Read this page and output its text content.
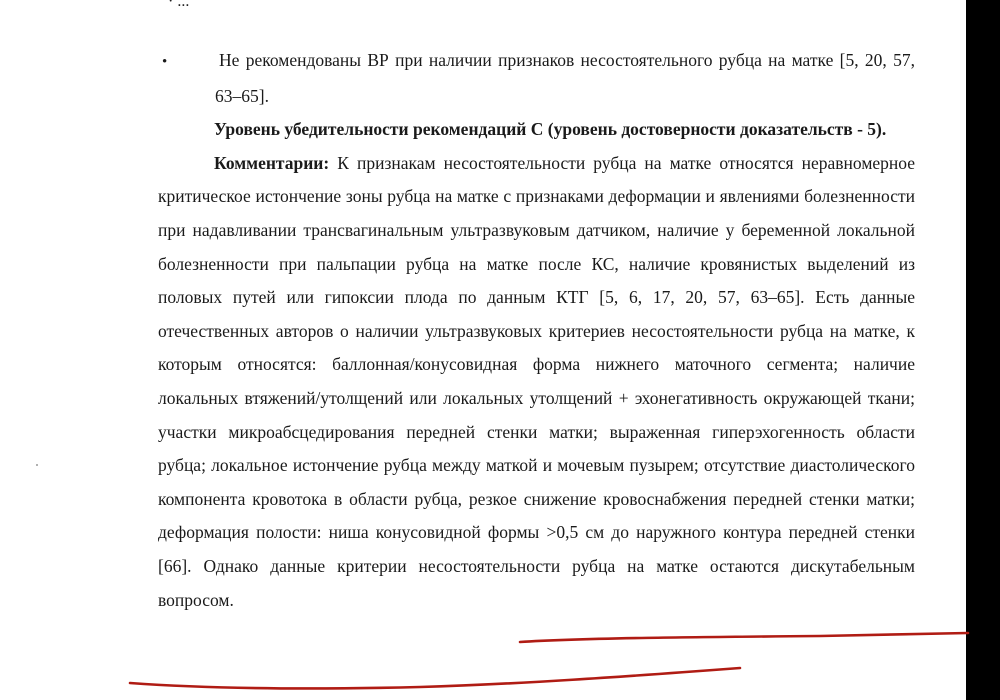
· ...

•	Не рекомендованы ВР при наличии признаков несостоятельного рубца на матке [5, 20, 57, 63–65].

Уровень убедительности рекомендаций С (уровень достоверности доказательств - 5).

Комментарии: К признакам несостоятельности рубца на матке относятся неравномерное критическое истончение зоны рубца на матке с признаками деформации и явлениями болезненности при надавливании трансвагинальным ультразвуковым датчиком, наличие у беременной локальной болезненности при пальпации рубца на матке после КС, наличие кровянистых выделений из половых путей или гипоксии плода по данным КТГ [5, 6, 17, 20, 57, 63–65]. Есть данные отечественных авторов о наличии ультразвуковых критериев несостоятельности рубца на матке, к которым относятся: баллонная/конусовидная форма нижнего маточного сегмента; наличие локальных втяжений/утолщений или локальных утолщений + эхонегативность окружающей ткани; участки микроабсцедирования передней стенки матки; выраженная гиперэхогенность области рубца; локальное истончение рубца между маткой и мочевым пузырем; отсутствие диастолического компонента кровотока в области рубца, резкое снижение кровоснабжения передней стенки матки; деформация полости: ниша конусовидной формы >0,5 см до наружного контура передней стенки [66]. Однако данные критерии несостоятельности рубца на матке остаются дискутабельным вопросом.
